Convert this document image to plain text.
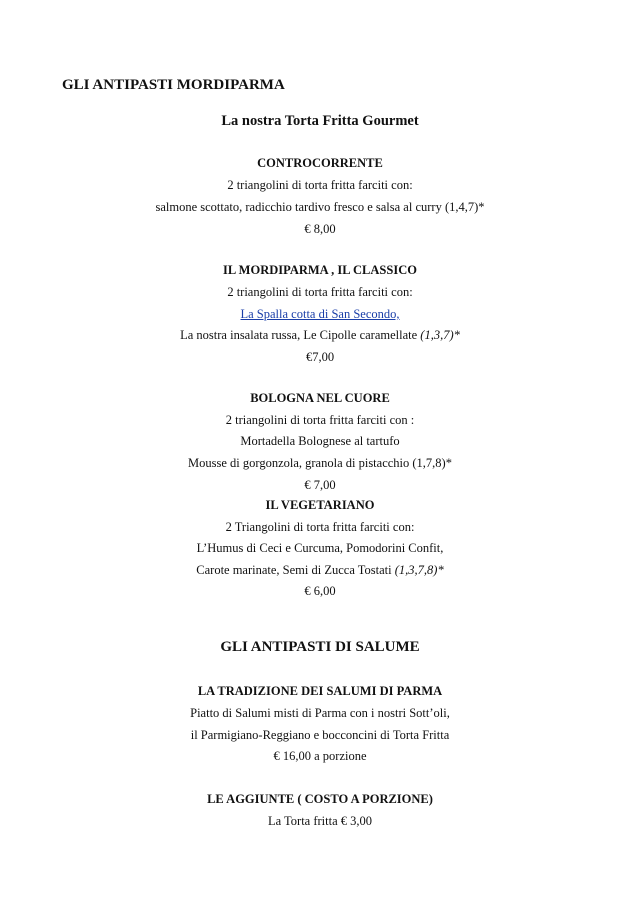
GLI ANTIPASTI MORDIPARMA
La nostra Torta Fritta Gourmet
CONTROCORRENTE
2 triangolini di torta fritta farciti con:
salmone scottato, radicchio tardivo fresco e salsa al curry (1,4,7)*
€ 8,00
IL MORDIPARMA , IL CLASSICO
2 triangolini di torta fritta farciti con:
La Spalla cotta di San Secondo,
La nostra insalata russa, Le Cipolle caramellate (1,3,7)*
€7,00
BOLOGNA NEL CUORE
2 triangolini di torta fritta farciti con :
Mortadella Bolognese al tartufo
Mousse di gorgonzola, granola di pistacchio (1,7,8)*
€ 7,00
IL VEGETARIANO
2 Triangolini di torta fritta farciti con:
L’Humus di Ceci e Curcuma, Pomodorini Confit,
Carote marinate, Semi di Zucca Tostati (1,3,7,8)*
€ 6,00
GLI ANTIPASTI DI SALUME
LA TRADIZIONE DEI SALUMI DI PARMA
Piatto di Salumi misti di Parma con i nostri Sott’oli,
il Parmigiano-Reggiano e bocconcini di Torta Fritta
€ 16,00 a porzione
LE AGGIUNTE ( COSTO A PORZIONE)
La Torta fritta € 3,00
